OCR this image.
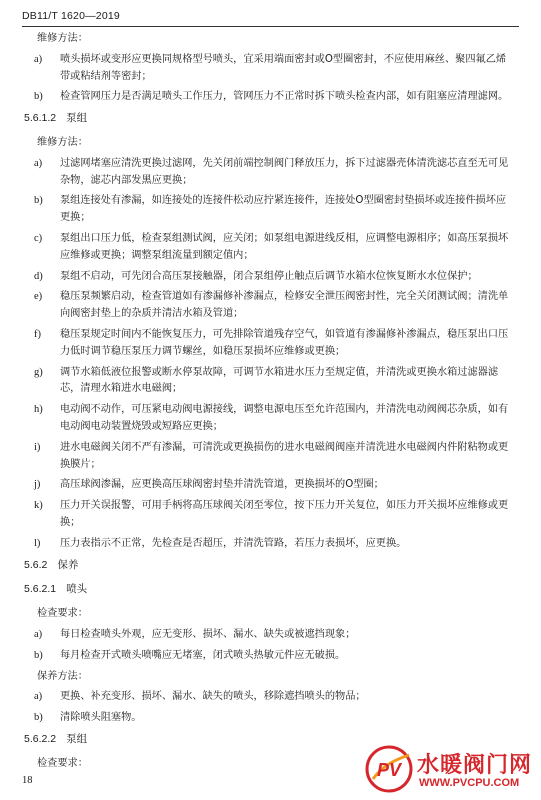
DB11/T 1620—2019
维修方法：
a) 喷头损坏或变形应更换同规格型号喷头，宜采用端面密封或O型圈密封，不应使用麻丝、聚四氟乙烯带或粘结剂等密封；
b) 检查管网压力是否满足喷头工作压力，管网压力不正常时拆下喷头检查内部，如有阻塞应清理滤网。
5.6.1.2 泵组
维修方法：
a) 过滤网堵塞应清洗更换过滤网，先关闭前端控制阀门释放压力，拆下过滤器壳体清洗滤芯直至无可见杂物，滤芯内部发黑应更换；
b) 泵组连接处有渗漏，如连接处的连接件松动应拧紧连接件，连接处O型圈密封垫损坏或连接件损坏应更换；
c) 泵组出口压力低，检查泵组测试阀，应关闭；如泵组电源进线反相，应调整电源相序；如高压泵损坏应维修或更换；调整泵组流量到额定值内；
d) 泵组不启动，可先闭合高压泵接触器，闭合泵组停止触点后调节水箱水位恢复断水水位保护；
e) 稳压泵频繁启动，检查管道如有渗漏修补渗漏点，检修安全泄压阀密封性，完全关闭测试阀；清洗单向阀密封垫上的杂质并清洁水箱及管道；
f) 稳压泵规定时间内不能恢复压力，可先排除管道残存空气，如管道有渗漏修补渗漏点，稳压泵出口压力低时调节稳压泵压力调节螺丝，如稳压泵损坏应维修或更换；
g) 调节水箱低液位报警或断水停泵故障，可调节水箱进水压力至规定值，并清洗或更换水箱过滤器滤芯，清理水箱进水电磁阀；
h) 电动阀不动作，可压紧电动阀电源接线，调整电源电压至允许范围内，并清洗电动阀阀芯杂质，如有电动阀电动装置烧毁或短路应更换；
i) 进水电磁阀关闭不严有渗漏，可清洗或更换损伤的进水电磁阀阀座并清洗进水电磁阀内件附粘物或更换膜片；
j) 高压球阀渗漏，应更换高压球阀密封垫并清洗管道，更换损坏的O型圈；
k) 压力开关误报警，可用手柄将高压球阀关闭至零位，按下压力开关复位，如压力开关损坏应维修或更换；
l) 压力表指示不正常，先检查是否超压，并清洗管路，若压力表损坏，应更换。
5.6.2 保养
5.6.2.1 喷头
检查要求：
a) 每日检查喷头外观，应无变形、损坏、漏水、缺失或被遮挡现象；
b) 每月检查开式喷头喷嘴应无堵塞，闭式喷头热敏元件应无破损。
保养方法：
a) 更换、补充变形、损坏、漏水、缺失的喷头，移除遮挡喷头的物品；
b) 清除喷头阻塞物。
5.6.2.2 泵组
检查要求：
18
PV 水暖阀门网
WWW.PVCPU.COM
